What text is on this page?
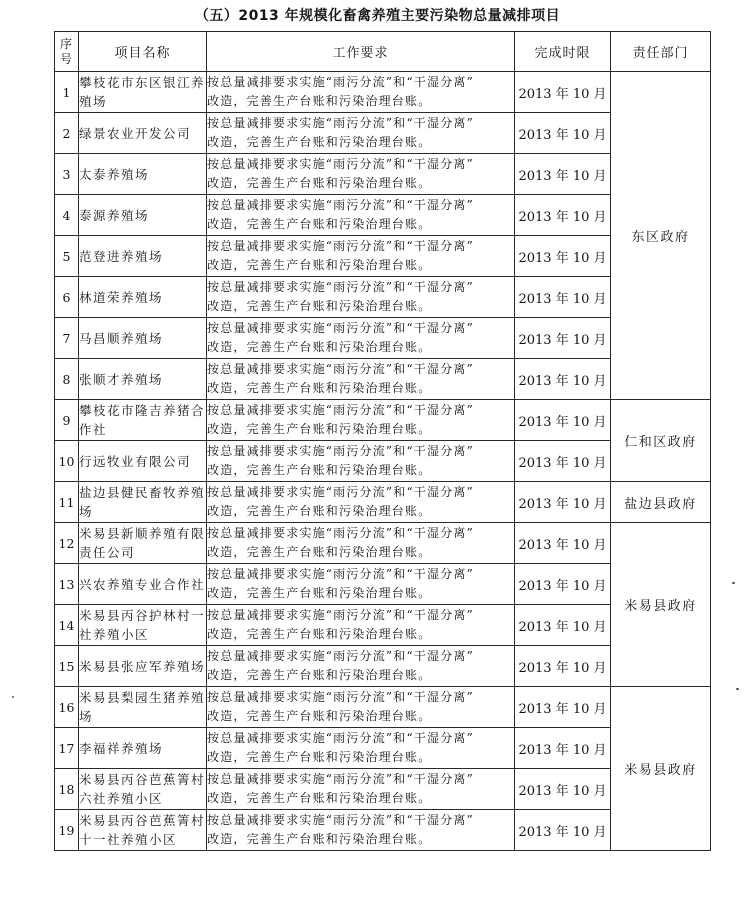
（五）2013 年规模化畜禽养殖主要污染物总量减排项目
序
号	项目名称	工作要求	完成时限	责任部门
1	攀枝花市东区银江养殖场	按总量减排要求实施“雨污分流”和“干湿分离”
改造，完善生产台账和污染治理台账。	2013 年 10 月	东区政府
2	绿景农业开发公司	按总量减排要求实施“雨污分流”和“干湿分离”
改造，完善生产台账和污染治理台账。	2013 年 10 月	
3	太泰养殖场	按总量减排要求实施“雨污分流”和“干湿分离”
改造，完善生产台账和污染治理台账。	2013 年 10 月	
4	泰源养殖场	按总量减排要求实施“雨污分流”和“干湿分离”
改造，完善生产台账和污染治理台账。	2013 年 10 月	
5	范登进养殖场	按总量减排要求实施“雨污分流”和“干湿分离”
改造，完善生产台账和污染治理台账。	2013 年 10 月	
6	林道荣养殖场	按总量减排要求实施“雨污分流”和“干湿分离”
改造，完善生产台账和污染治理台账。	2013 年 10 月	
7	马昌顺养殖场	按总量减排要求实施“雨污分流”和“干湿分离”
改造，完善生产台账和污染治理台账。	2013 年 10 月	
8	张顺才养殖场	按总量减排要求实施“雨污分流”和“干湿分离”
改造，完善生产台账和污染治理台账。	2013 年 10 月	
9	攀枝花市隆吉养猪合作社	按总量减排要求实施“雨污分流”和“干湿分离”
改造，完善生产台账和污染治理台账。	2013 年 10 月	仁和区政府
10	行远牧业有限公司	按总量减排要求实施“雨污分流”和“干湿分离”
改造，完善生产台账和污染治理台账。	2013 年 10 月	
11	盐边县健民畜牧养殖场	按总量减排要求实施“雨污分流”和“干湿分离”
改造，完善生产台账和污染治理台账。	2013 年 10 月	盐边县政府
12	米易县新顺养殖有限责任公司	按总量减排要求实施“雨污分流”和“干湿分离”
改造，完善生产台账和污染治理台账。	2013 年 10 月	米易县政府
13	兴农养殖专业合作社	按总量减排要求实施“雨污分流”和“干湿分离”
改造，完善生产台账和污染治理台账。	2013 年 10 月	
14	米易县丙谷护林村一社养殖小区	按总量减排要求实施“雨污分流”和“干湿分离”
改造，完善生产台账和污染治理台账。	2013 年 10 月	
15	米易县张应军养殖场	按总量减排要求实施“雨污分流”和“干湿分离”
改造，完善生产台账和污染治理台账。	2013 年 10 月	
16	米易县梨园生猪养殖场	按总量减排要求实施“雨污分流”和“干湿分离”
改造，完善生产台账和污染治理台账。	2013 年 10 月	米易县政府
17	李福祥养殖场	按总量减排要求实施“雨污分流”和“干湿分离”
改造，完善生产台账和污染治理台账。	2013 年 10 月	
18	米易县丙谷芭蕉箐村六社养殖小区	按总量减排要求实施“雨污分流”和“干湿分离”
改造，完善生产台账和污染治理台账。	2013 年 10 月	
19	米易县丙谷芭蕉箐村十一社养殖小区	按总量减排要求实施“雨污分流”和“干湿分离”
改造，完善生产台账和污染治理台账。	2013 年 10 月	
